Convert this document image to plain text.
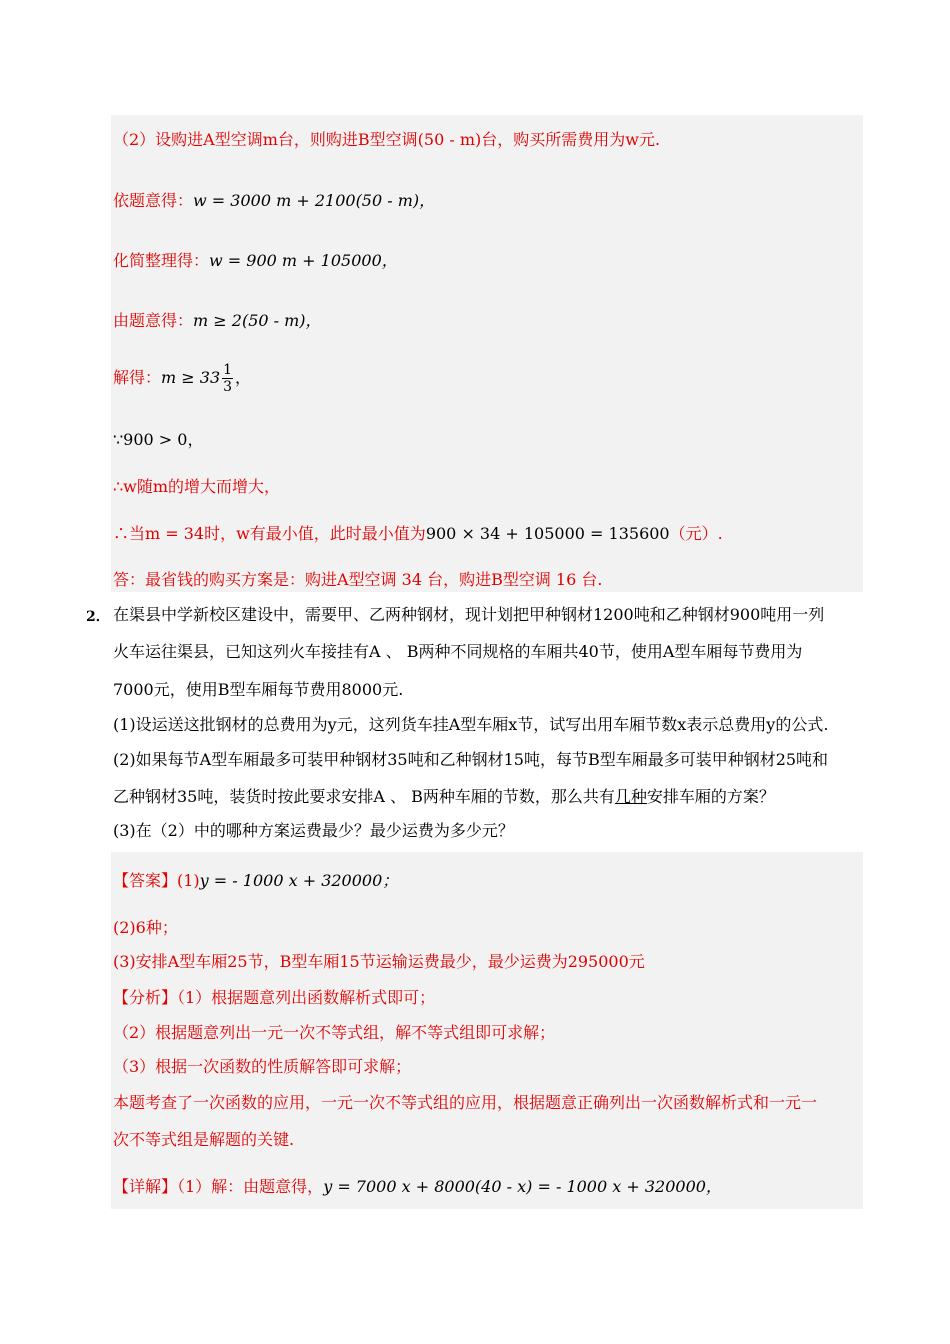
（2）设购进A型空调m台，则购进B型空调(50 - m)台，购买所需费用为w元.
依题意得：w = 3000 m + 2100(50 - m)，
化简整理得：w = 900 m + 105000，
由题意得：m ≥ 2(50 - m)，
解得：$m \ge 33 \frac{1}{3}$ ，
∵900 > 0，
∴w随m的增大而增大，
∴当m = 34时，w有最小值，此时最小值为900 × 34 + 105000 = 135600（元）.
答：最省钱的购买方案是：购进A型空调 34 台，购进B型空调 16 台.
2． 在渠县中学新校区建设中，需要甲、乙两种钢材，现计划把甲种钢材1200吨和乙种钢材900吨用一列
火车运往渠县，已知这列火车接挂有A 、 B两种不同规格的车厢共40节，使用A型车厢每节费用为
7000元，使用B型车厢每节费用8000元.
(1)设运送这批钢材的总费用为y元，这列货车挂A型车厢x节，试写出用车厢节数x表示总费用y的公式.
(2)如果每节A型车厢最多可装甲种钢材35吨和乙种钢材15吨，每节B型车厢最多可装甲种钢材25吨和
乙种钢材35吨，装货时按此要求安排A 、 B两种车厢的节数，那么共有几种安排车厢的方案？
(3)在（2）中的哪种方案运费最少？最少运费为多少元？
【答案】(1)y = - 1000 x + 320000；
(2)6种；
(3)安排A型车厢25节，B型车厢15节运输运费最少，最少运费为295000元
【分析】（1）根据题意列出函数解析式即可；
（2）根据题意列出一元一次不等式组，解不等式组即可求解；
（3）根据一次函数的性质解答即可求解；
本题考查了一次函数的应用，一元一次不等式组的应用，根据题意正确列出一次函数解析式和一元一
次不等式组是解题的关键.
【详解】（1）解：由题意得，y = 7000 x + 8000(40 - x) = - 1000 x + 320000，
